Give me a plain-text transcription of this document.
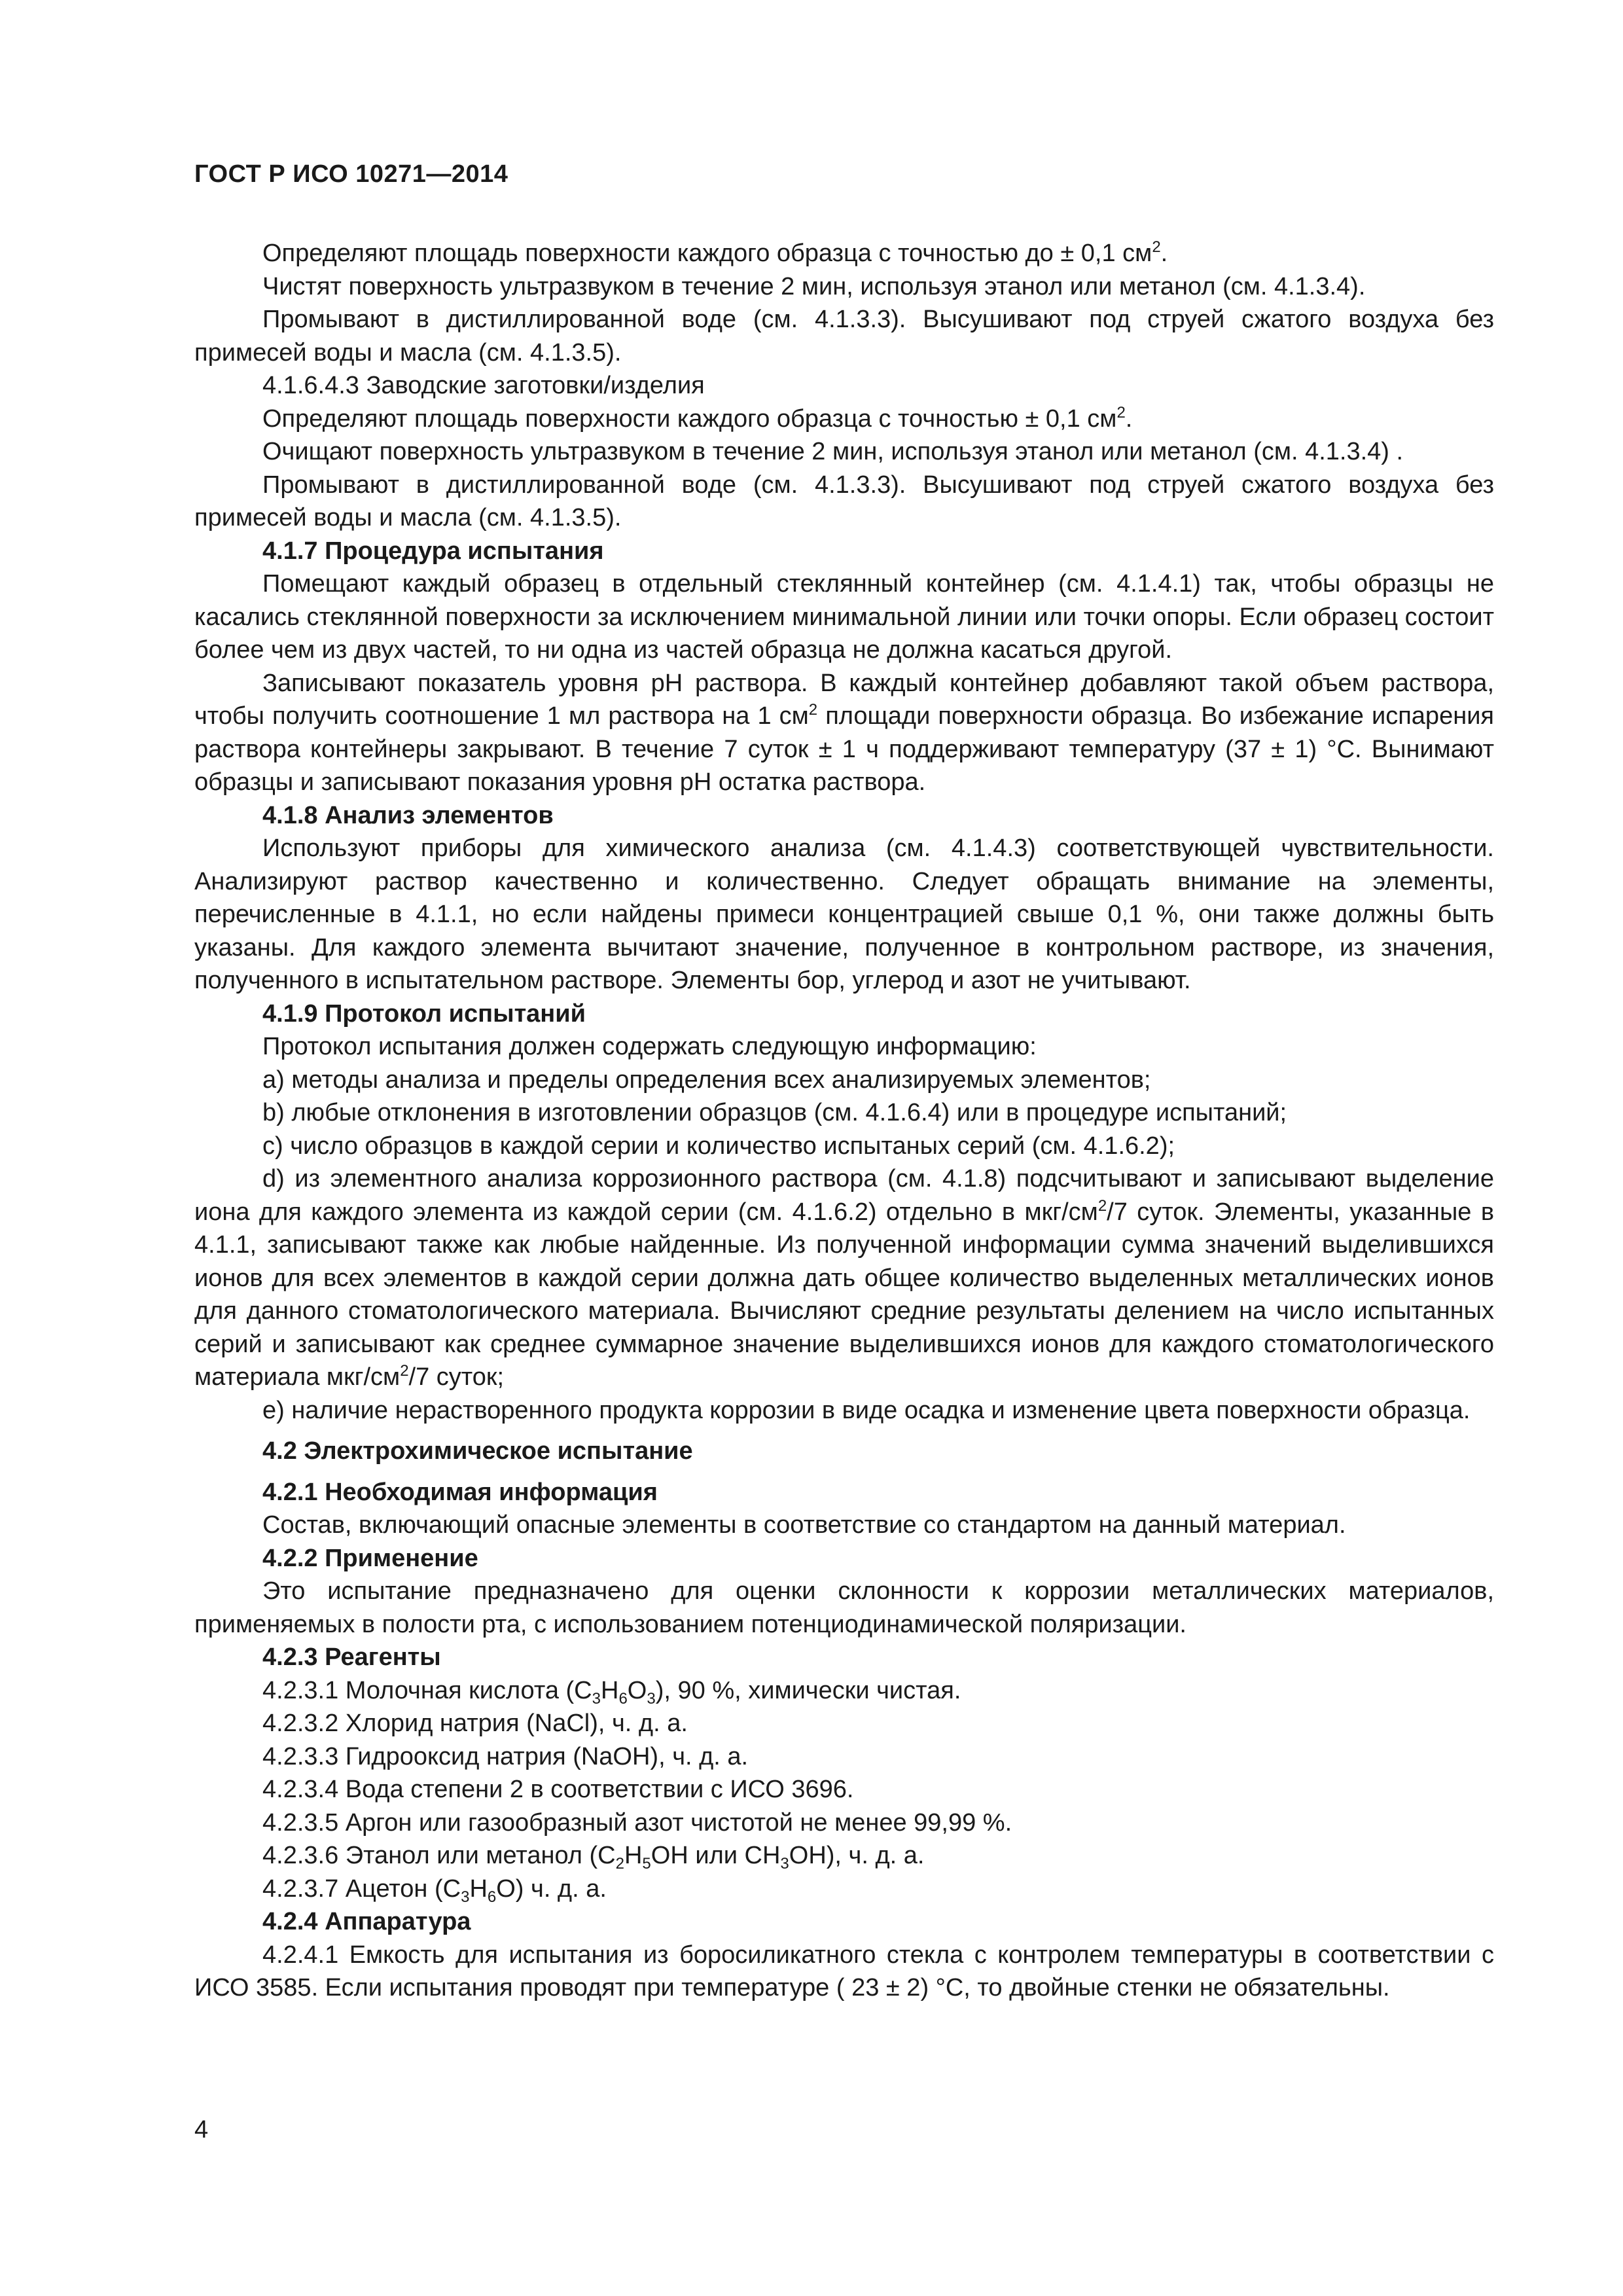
ГОСТ Р ИСО 10271—2014

Определяют площадь поверхности каждого образца с точностью до ± 0,1 $см^2$.

Чистят поверхность ультразвуком в течение 2 мин, используя этанол или метанол (см. 4.1.3.4).

Промывают в дистиллированной воде (см. 4.1.3.3). Высушивают под струей сжатого воздуха без примесей воды и масла (см. 4.1.3.5).

4.1.6.4.3 Заводские заготовки/изделия

Определяют площадь поверхности каждого образца с точностью ± 0,1 $см^2$.

Очищают поверхность ультразвуком в течение 2 мин, используя этанол или метанол (см. 4.1.3.4) .

Промывают в дистиллированной воде (см. 4.1.3.3). Высушивают под струей сжатого воздуха без примесей воды и масла (см. 4.1.3.5).

4.1.7 Процедура испытания

Помещают каждый образец в отдельный стеклянный контейнер (см. 4.1.4.1) так, чтобы образцы не касались стеклянной поверхности за исключением минимальной линии или точки опоры. Если образец состоит более чем из двух частей, то ни одна из частей образца не должна касаться другой.

Записывают показатель уровня pH раствора. В каждый контейнер добавляют такой объем раствора, чтобы получить соотношение 1 мл раствора на 1 $см^2$ площади поверхности образца. Во избежание испарения раствора контейнеры закрывают. В течение 7 суток ± 1 ч поддерживают температуру (37 ± 1) °C. Вынимают образцы и записывают показания уровня pH остатка раствора.

4.1.8 Анализ элементов

Используют приборы для химического анализа (см. 4.1.4.3) соответствующей чувствительности. Анализируют раствор качественно и количественно. Следует обращать внимание на элементы, перечисленные в 4.1.1, но если найдены примеси концентрацией свыше 0,1 %, они также должны быть указаны. Для каждого элемента вычитают значение, полученное в контрольном растворе, из значения, полученного в испытательном растворе. Элементы бор, углерод и азот не учитывают.

4.1.9 Протокол испытаний

Протокол испытания должен содержать следующую информацию:

а) методы анализа и пределы определения всех анализируемых элементов;

b) любые отклонения в изготовлении образцов (см. 4.1.6.4) или в процедуре испытаний;

с) число образцов в каждой серии и количество испытаных серий (см. 4.1.6.2);

d) из элементного анализа коррозионного раствора (см. 4.1.8) подсчитывают и записывают выделение иона для каждого элемента из каждой серии (см. 4.1.6.2) отдельно в мкг/$см^2/7$ суток. Элементы, указанные в 4.1.1, записывают также как любые найденные. Из полученной информации сумма значений выделившихся ионов для всех элементов в каждой серии должна дать общее количество выделенных металлических ионов для данного стоматологического материала. Вычисляют средние результаты делением на число испытанных серий и записывают как среднее суммарное значение выделившихся ионов для каждого стоматологического материала мкг/$см^2/7$ суток;

е) наличие нерастворенного продукта коррозии в виде осадка и изменение цвета поверхности образца.

4.2 Электрохимическое испытание

4.2.1 Необходимая информация

Состав, включающий опасные элементы в соответствие со стандартом на данный материал.

4.2.2 Применение

Это испытание предназначено для оценки склонности к коррозии металлических материалов, применяемых в полости рта, с использованием потенциодинамической поляризации.

4.2.3 Реагенты

4.2.3.1 Молочная кислота $(C_3H_6O_3)$, 90 %, химически чистая.

4.2.3.2 Хлорид натрия (NaCl), ч. д. а.

4.2.3.3 Гидрооксид натрия (NaOH), ч. д. а.

4.2.3.4 Вода степени 2 в соответствии с ИСО 3696.

4.2.3.5 Аргон или газообразный азот чистотой не менее 99,99 %.

4.2.3.6 Этанол или метанол ($C_2H_5OH$ или $CH_3OH$), ч. д. а.

4.2.3.7 Ацетон $(C_3H_6O)$ ч. д. а.

4.2.4 Аппаратура

4.2.4.1 Емкость для испытания из боросиликатного стекла с контролем температуры в соответствии с ИСО 3585. Если испытания проводят при температуре ( 23 ± 2) °C, то двойные стенки не обязательны.

4
